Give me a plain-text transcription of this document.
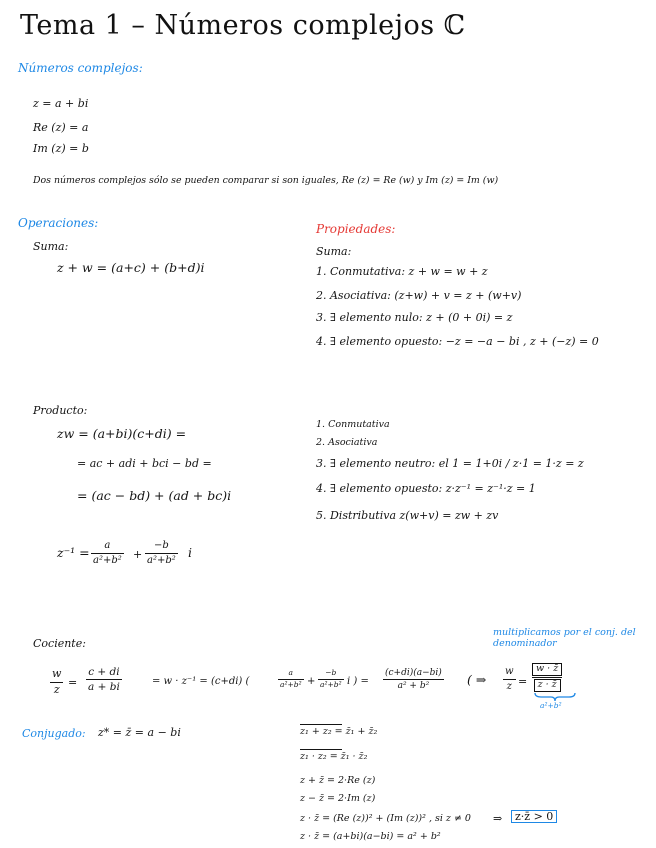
Tema 1 – Números complejos ℂ
Números complejos:
z = a + bi
Re (z) = a
Im (z) = b
Dos números complejos sólo se pueden comparar si son iguales, Re (z) = Re (w) y Im (z) = Im (w)
Operaciones:
Suma:
z + w = (a+c) + (b+d)i
Producto:
zw = (a+bi)(c+di) =
= ac + adi + bci − bd =
= (ac − bd) + (ad + bc)i
z⁻¹ = a
a²+b² +
−b
a²+b² i
Propiedades:
Suma:
1. Conmutativa: z + w = w + z
2. Asociativa: (z+w) + v = z + (w+v)
3. ∃ elemento nulo: z + (0 + 0i) = z
4. ∃ elemento opuesto: −z = −a − bi , z + (−z) = 0
1. Conmutativa
2. Asociativa
3. ∃ elemento neutro: el 1 = 1+0i / z·1 = 1·z = z
4. ∃ elemento opuesto: z·z⁻¹ = z⁻¹·z = 1
5. Distributiva z(w+v) = zw + zv
Cociente:
multiplicamos por el conj. del denominador
w
z
=
c + di
a + bi	= w · z⁻¹ = (c+di) (
a
a²+b² +
−b
a²+b² i ) =
(c+di)(a−bi)
a² + b²	( ⇒
w
$z = \frac{w \cdot z̄}{z \cdot z̄}$
a²+b²
Conjugado: z* = z̄ = a − bi	z₁ + z₂ = z̄₁ + z̄₂
z₁ · z₂ = z̄₁ · z̄₂
z + z̄ = 2·Re (z)
z − z̄ = 2·Im (z)
z · z̄ = (Re (z))² + (Im (z))² , si z ≠ 0 ⇒	z·z̄ > 0
z · z̄ = (a+bi)(a−bi) = a² + b²
